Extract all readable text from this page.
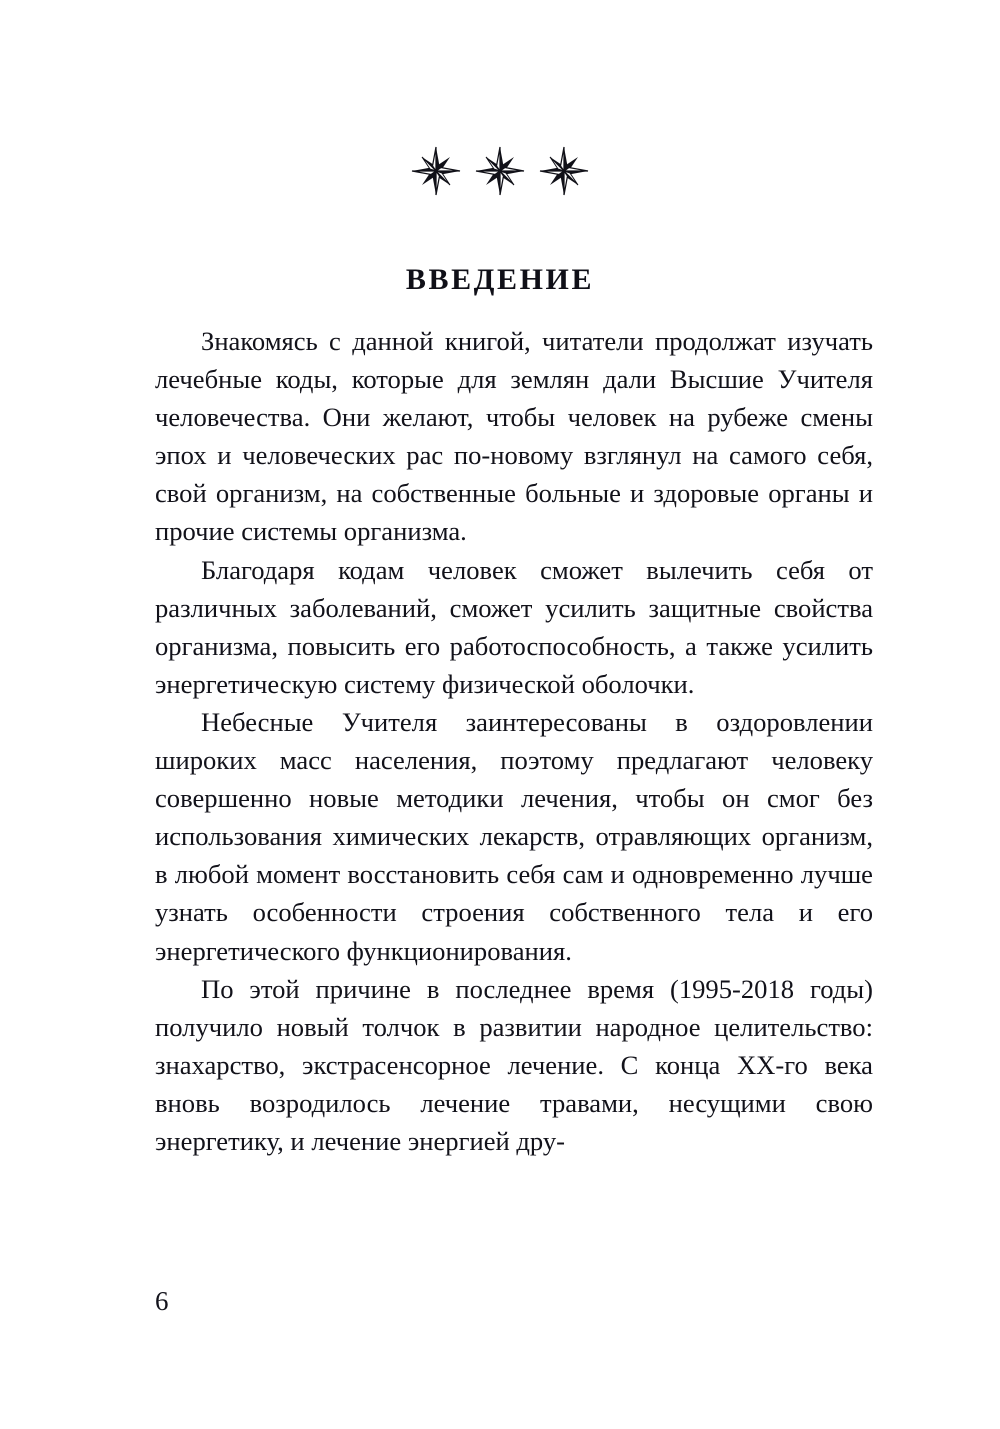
ВВЕДЕНИЕ

Знакомясь с данной книгой, читатели продолжат изучать лечебные коды, которые для землян дали Высшие Учителя человечества. Они желают, чтобы человек на рубеже смены эпох и человеческих рас по-новому взглянул на самого себя, свой организм, на собственные больные и здоровые органы и прочие системы организма.

Благодаря кодам человек сможет вылечить себя от различных заболеваний, сможет усилить защитные свойства организма, повысить его работоспособность, а также усилить энергетическую систему физической оболочки.

Небесные Учителя заинтересованы в оздоровлении широких масс населения, поэтому предлагают человеку совершенно новые методики лечения, чтобы он смог без использования химических лекарств, отравляющих организм, в любой момент восстановить себя сам и одновременно лучше узнать особенности строения собственного тела и его энергетического функционирования.

По этой причине в последнее время (1995-2018 годы) получило новый толчок в развитии народное целительство: знахарство, экстрасенсорное лечение. С конца ХХ-го века вновь возродилось лечение травами, несущими свою энергетику, и лечение энергией дру-

6
